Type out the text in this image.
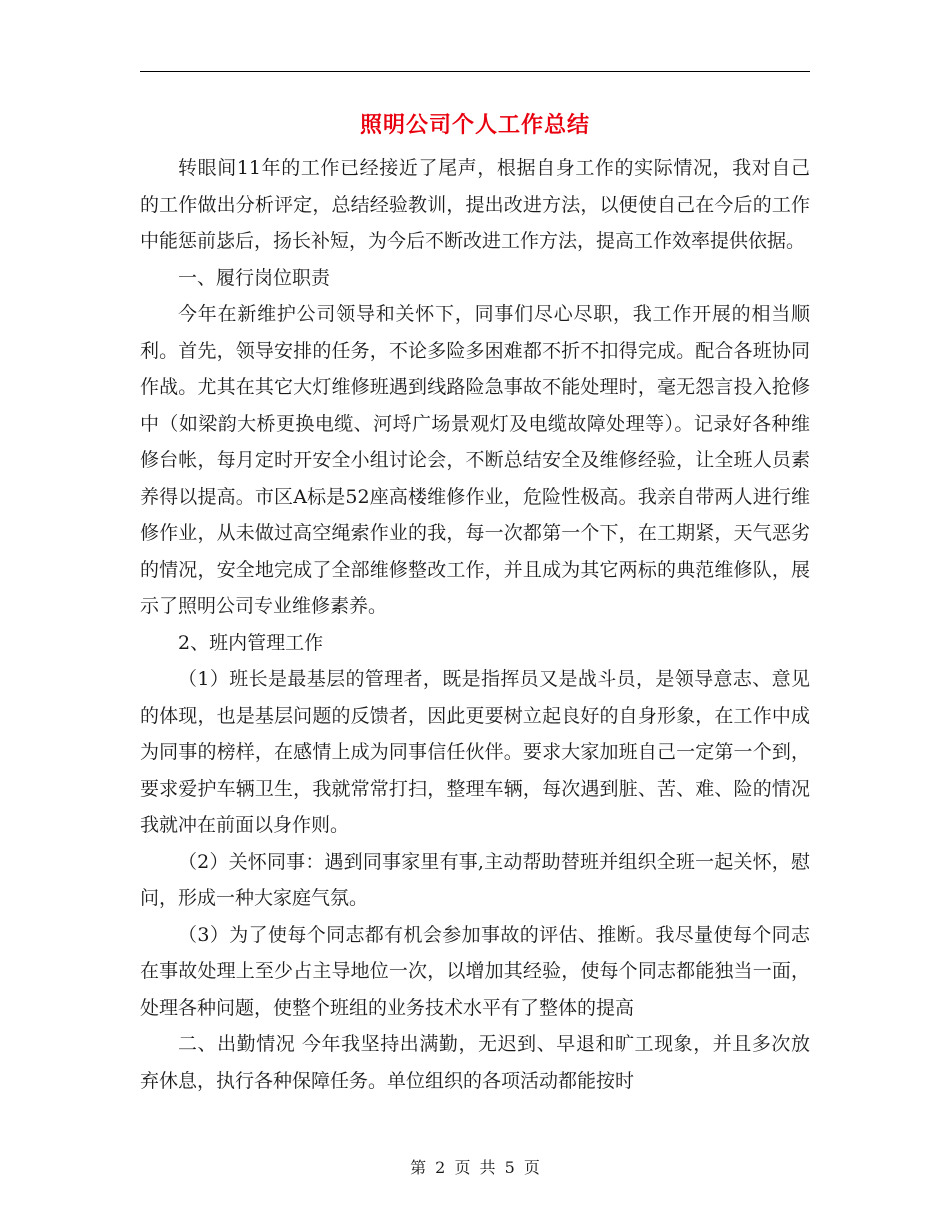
照明公司个人工作总结

转眼间11年的工作已经接近了尾声，根据自身工作的实际情况，我对自己的工作做出分析评定，总结经验教训，提出改进方法，以便使自己在今后的工作中能惩前毖后，扬长补短，为今后不断改进工作方法，提高工作效率提供依据。

一、履行岗位职责

今年在新维护公司领导和关怀下，同事们尽心尽职，我工作开展的相当顺利。首先，领导安排的任务，不论多险多困难都不折不扣得完成。配合各班协同作战。尤其在其它大灯维修班遇到线路险急事故不能处理时，毫无怨言投入抢修中（如梁韵大桥更换电缆、河埒广场景观灯及电缆故障处理等）。记录好各种维修台帐，每月定时开安全小组讨论会，不断总结安全及维修经验，让全班人员素养得以提高。市区A标是52座高楼维修作业，危险性极高。我亲自带两人进行维修作业，从未做过高空绳索作业的我，每一次都第一个下，在工期紧，天气恶劣的情况，安全地完成了全部维修整改工作，并且成为其它两标的典范维修队，展示了照明公司专业维修素养。

2、班内管理工作

（1）班长是最基层的管理者，既是指挥员又是战斗员，是领导意志、意见的体现，也是基层问题的反馈者，因此更要树立起良好的自身形象，在工作中成为同事的榜样，在感情上成为同事信任伙伴。要求大家加班自己一定第一个到，要求爱护车辆卫生，我就常常打扫，整理车辆，每次遇到脏、苦、难、险的情况我就冲在前面以身作则。

（2）关怀同事：遇到同事家里有事,主动帮助替班并组织全班一起关怀，慰问，形成一种大家庭气氛。

（3）为了使每个同志都有机会参加事故的评估、推断。我尽量使每个同志在事故处理上至少占主导地位一次，以增加其经验，使每个同志都能独当一面，处理各种问题，使整个班组的业务技术水平有了整体的提高

二、出勤情况 今年我坚持出满勤，无迟到、早退和旷工现象，并且多次放弃休息，执行各种保障任务。单位组织的各项活动都能按时

第 2 页 共 5 页
